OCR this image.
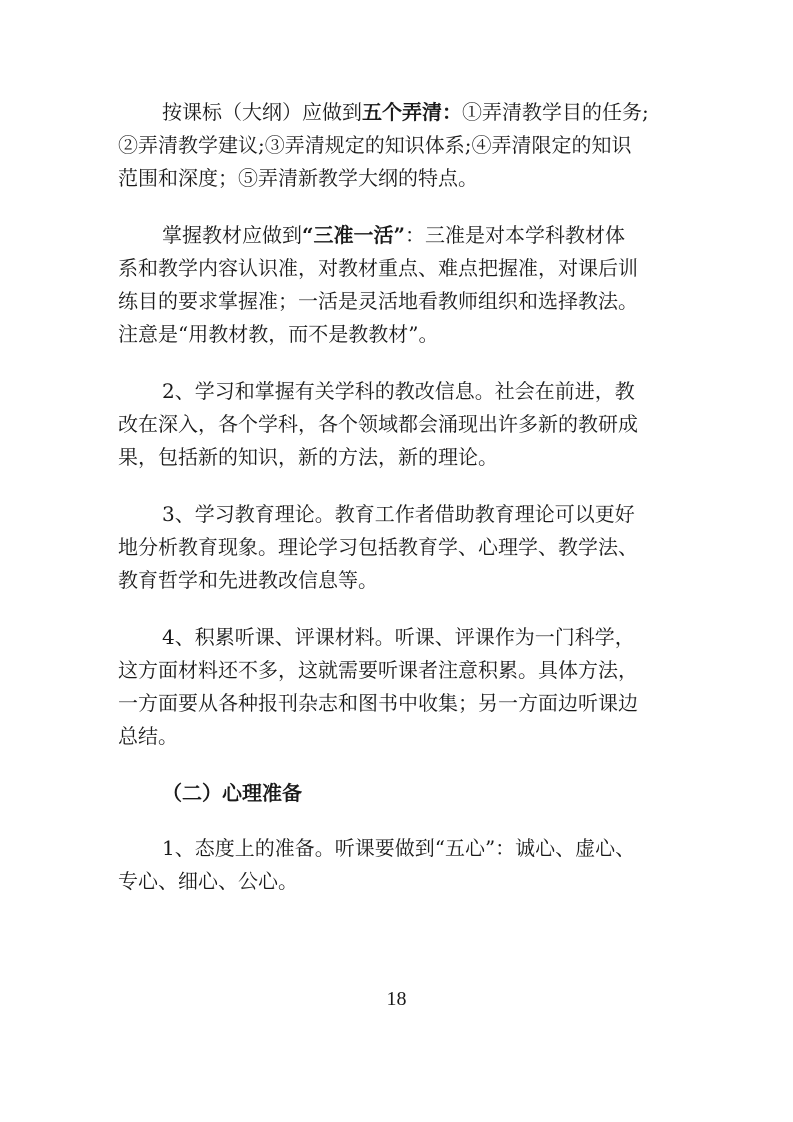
按课标（大纲）应做到五个弄清：①弄清教学目的任务;
②弄清教学建议;③弄清规定的知识体系;④弄清限定的知识
范围和深度；⑤弄清新教学大纲的特点。

掌握教材应做到“三准一活”：三准是对本学科教材体
系和教学内容认识准，对教材重点、难点把握准，对课后训
练目的要求掌握准；一活是灵活地看教师组织和选择教法。
注意是“用教材教，而不是教教材”。

2、学习和掌握有关学科的教改信息。社会在前进，教
改在深入，各个学科，各个领域都会涌现出许多新的教研成
果，包括新的知识，新的方法，新的理论。

3、学习教育理论。教育工作者借助教育理论可以更好
地分析教育现象。理论学习包括教育学、心理学、教学法、
教育哲学和先进教改信息等。

4、积累听课、评课材料。听课、评课作为一门科学，
这方面材料还不多，这就需要听课者注意积累。具体方法，
一方面要从各种报刊杂志和图书中收集；另一方面边听课边
总结。

（二）心理准备

1、态度上的准备。听课要做到“五心”：诚心、虚心、
专心、细心、公心。

18
